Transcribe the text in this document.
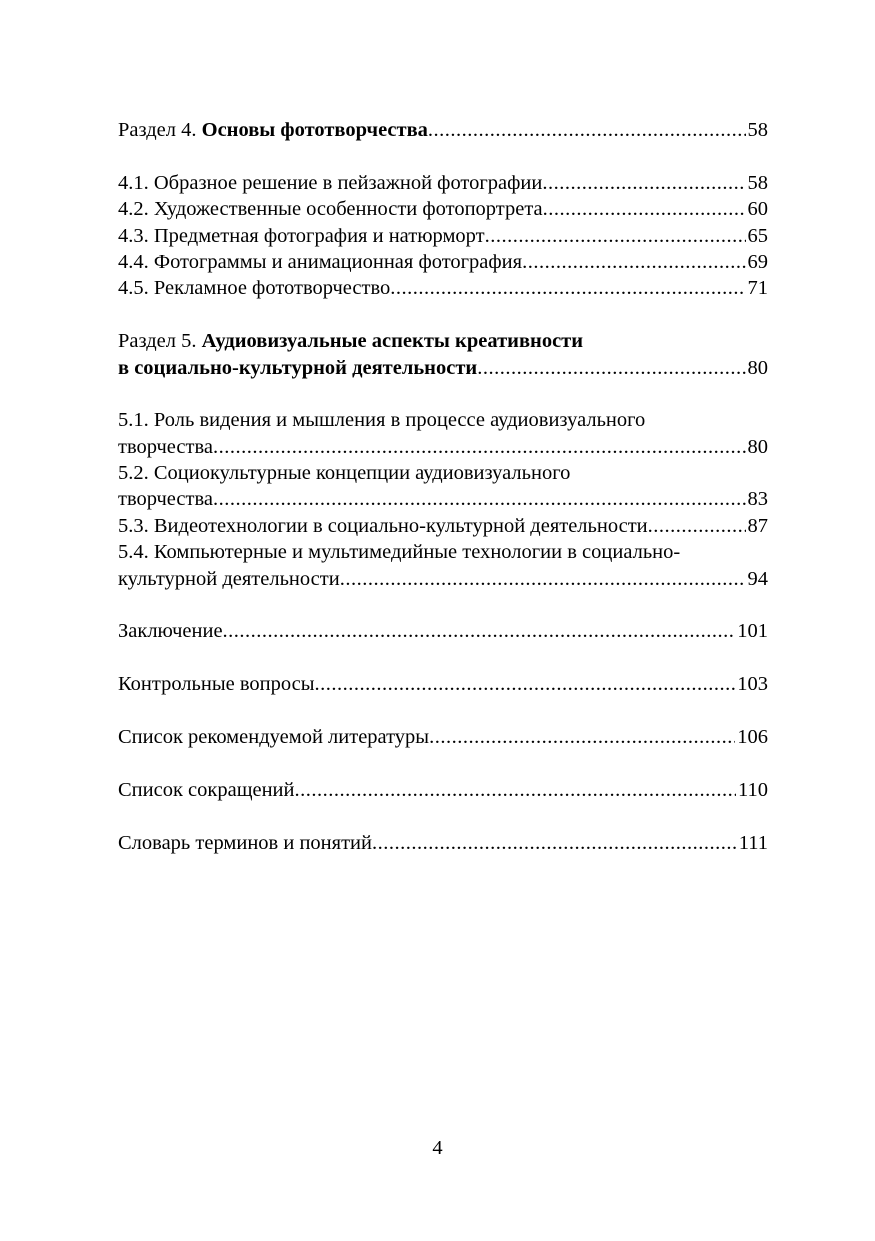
Раздел 4. Основы фототворчества .....	58
4.1. Образное решение в пейзажной фотографии .....	58
4.2. Художественные особенности фотопортрета .....	60
4.3. Предметная фотография и натюрморт .....	65
4.4. Фотограммы и анимационная фотография .....	69
4.5. Рекламное фототворчество .....	71
Раздел 5. Аудиовизуальные аспекты креативности
в социально-культурной деятельности .....	80
5.1. Роль видения и мышления в процессе аудиовизуального
творчества .....	80
5.2. Социокультурные концепции аудиовизуального
творчества .....	83
5.3. Видеотехнологии в социально-культурной деятельности .....	87
5.4. Компьютерные и мультимедийные технологии в социально-
культурной деятельности .....	94
Заключение .....	101
Контрольные вопросы .....	103
Список рекомендуемой литературы .....	106
Список сокращений .....	110
Словарь терминов и понятий .....	111
4
